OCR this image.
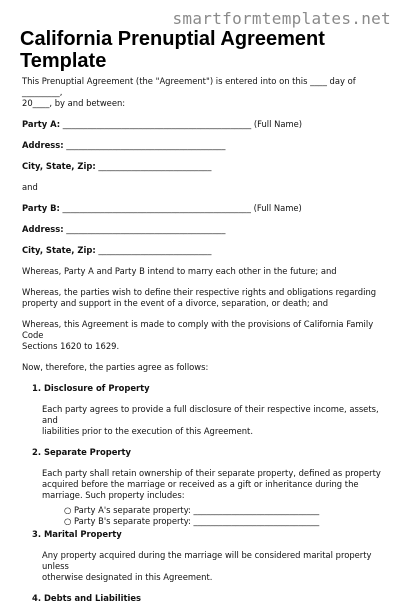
smartformtemplates.net
California Prenuptial Agreement Template
This Prenuptial Agreement (the "Agreement") is entered into on this ____ day of _________,
20____, by and between:
Party A: _____________________________________________ (Full Name)
Address: ______________________________________
City, State, Zip: ___________________________
and
Party B: _____________________________________________ (Full Name)
Address: ______________________________________
City, State, Zip: ___________________________
Whereas, Party A and Party B intend to marry each other in the future; and
Whereas, the parties wish to define their respective rights and obligations regarding
property and support in the event of a divorce, separation, or death; and
Whereas, this Agreement is made to comply with the provisions of California Family Code
Sections 1620 to 1629.
Now, therefore, the parties agree as follows:
1. Disclosure of Property
Each party agrees to provide a full disclosure of their respective income, assets, and
liabilities prior to the execution of this Agreement.
2. Separate Property
Each party shall retain ownership of their separate property, defined as property
acquired before the marriage or received as a gift or inheritance during the
marriage. Such property includes:
○ Party A's separate property: ______________________________
○ Party B's separate property: ______________________________
3. Marital Property
Any property acquired during the marriage will be considered marital property unless
otherwise designated in this Agreement.
4. Debts and Liabilities
